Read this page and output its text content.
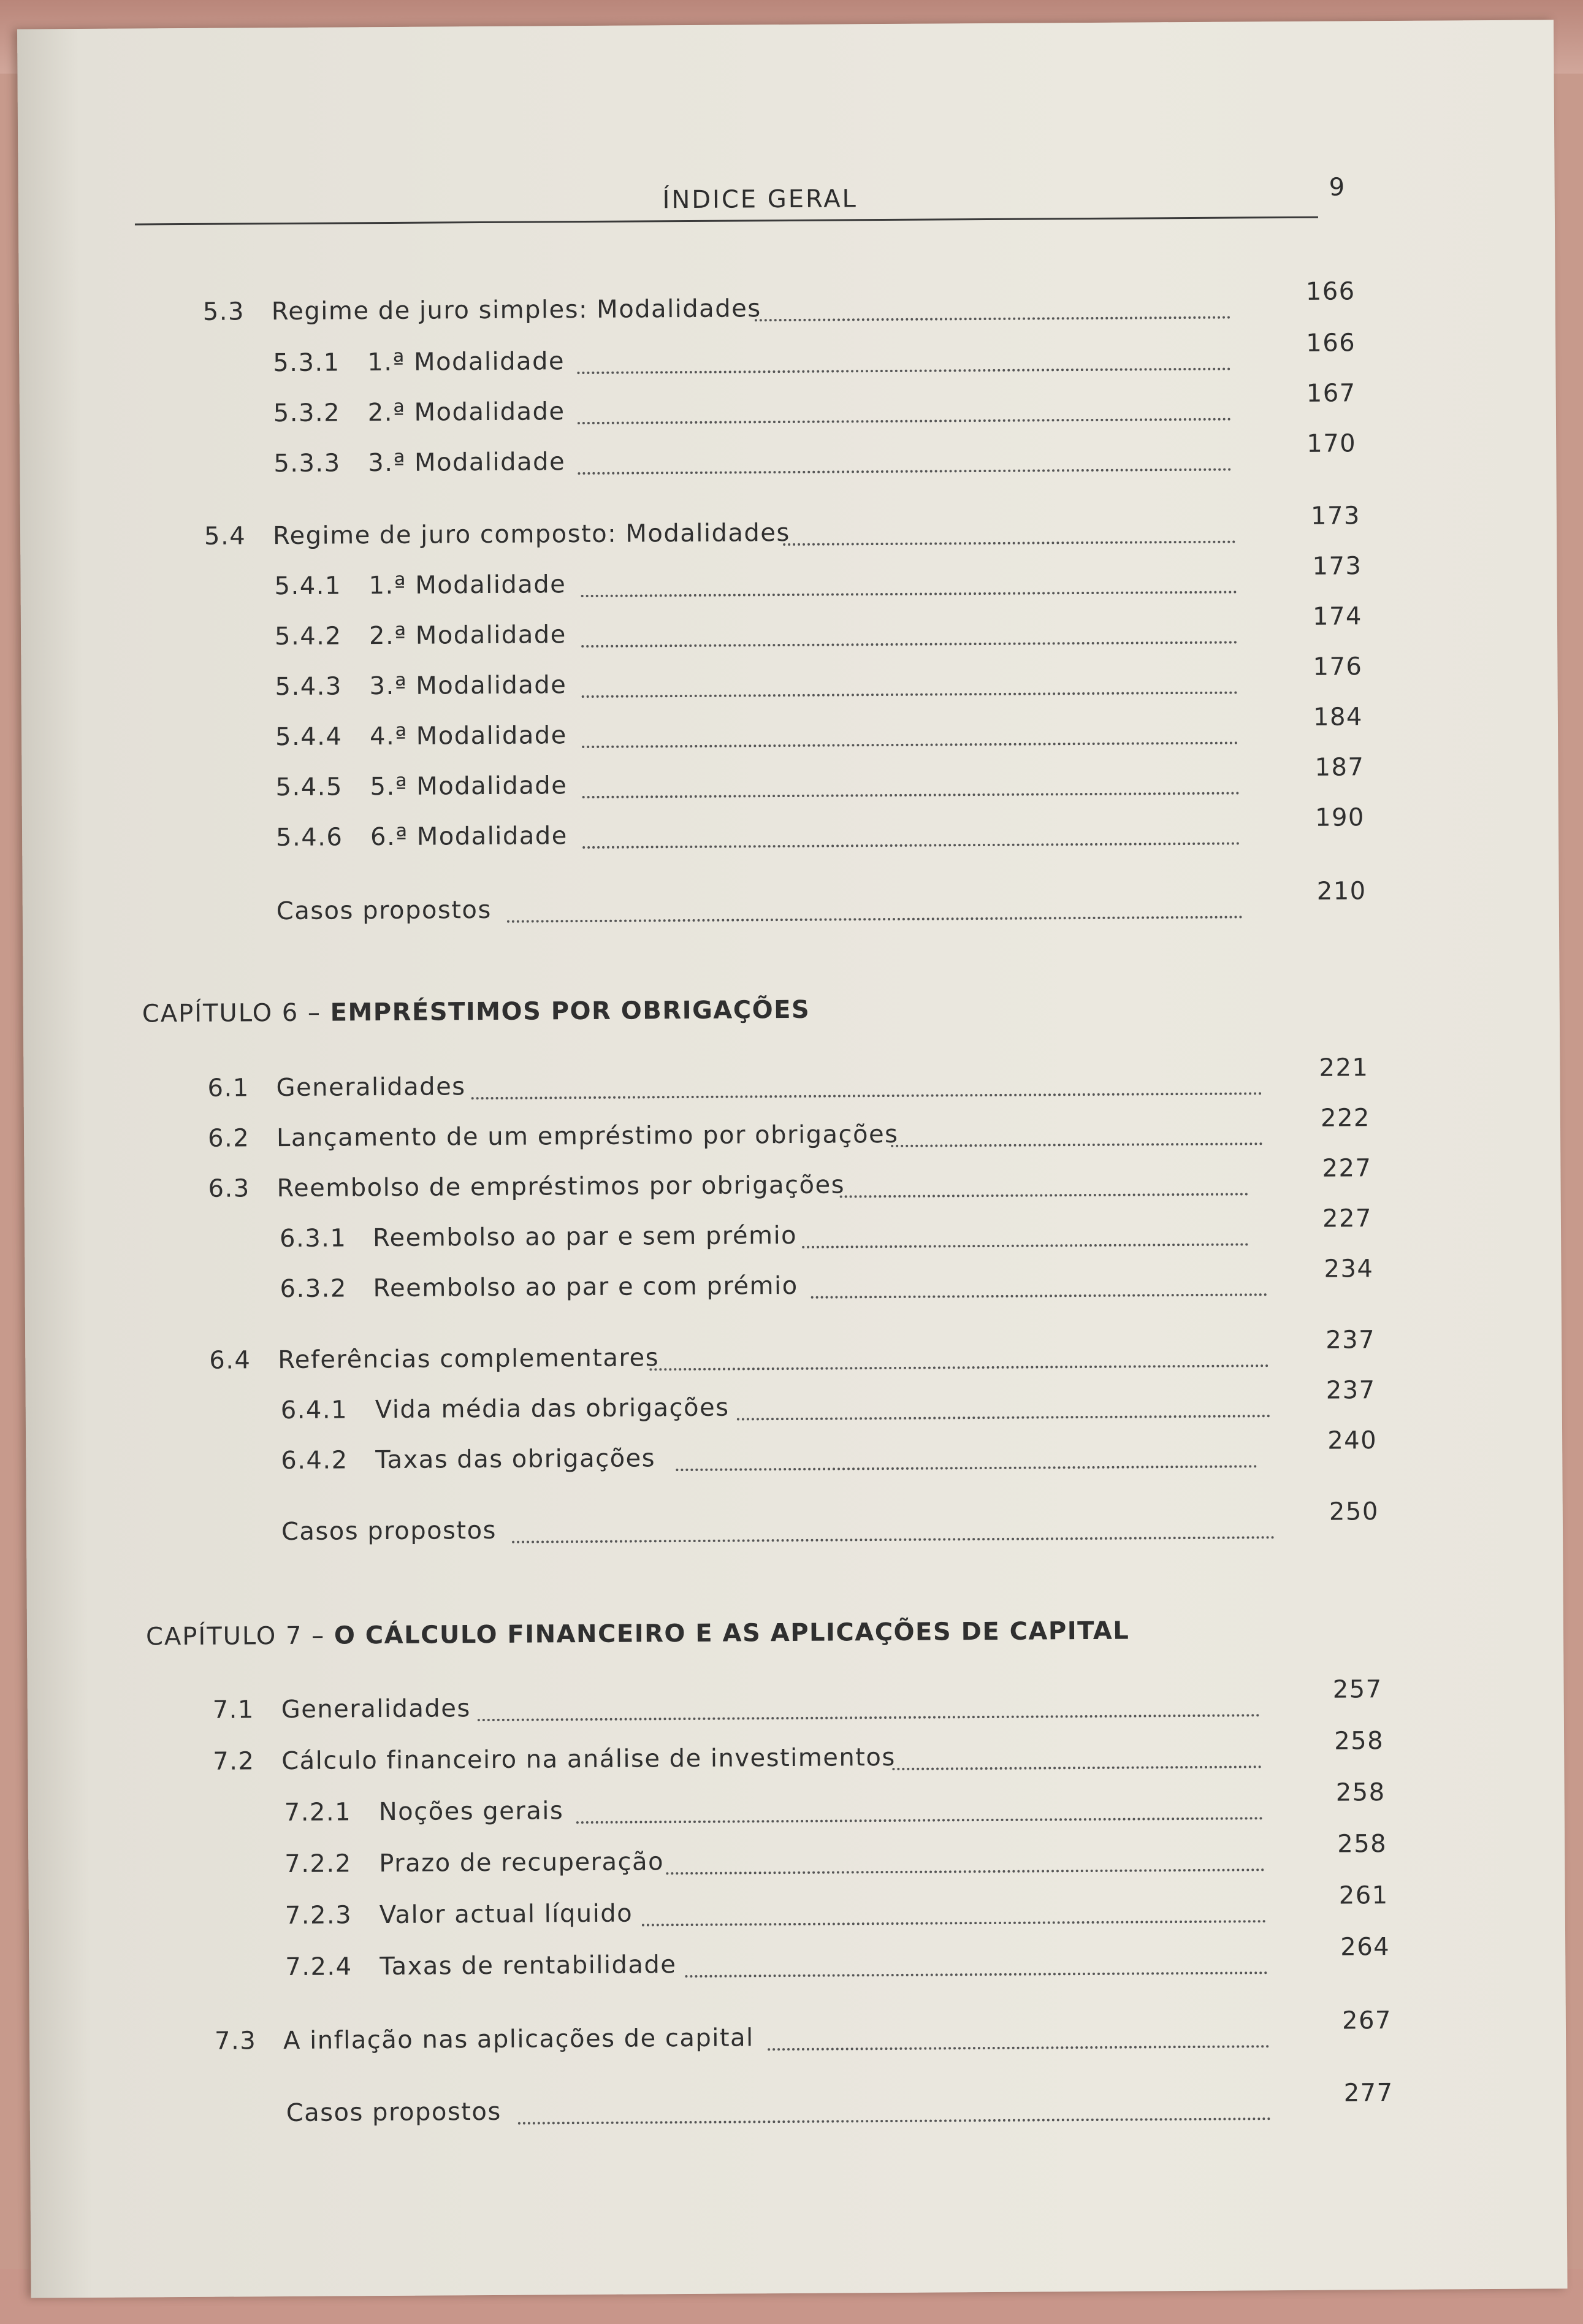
ÍNDICE GERAL	9
5.3 Regime de juro simples: Modalidades
166
5.3.1 1.ª Modalidade
166
5.3.2 2.ª Modalidade
167
5.3.3 3.ª Modalidade
170
5.4 Regime de juro composto: Modalidades
173
5.4.1 1.ª Modalidade
173
5.4.2 2.ª Modalidade
174
5.4.3 3.ª Modalidade
176
5.4.4 4.ª Modalidade
184
5.4.5 5.ª Modalidade
187
5.4.6 6.ª Modalidade
190
Casos propostos
210
CAPÍTULO 6 – EMPRÉSTIMOS POR OBRIGAÇÕES
6.1 Generalidades
221
6.2 Lançamento de um empréstimo por obrigações
222
6.3 Reembolso de empréstimos por obrigações
227
6.3.1 Reembolso ao par e sem prémio
227
6.3.2 Reembolso ao par e com prémio
234
6.4 Referências complementares
237
6.4.1 Vida média das obrigações
237
6.4.2 Taxas das obrigações
240
Casos propostos
250
CAPÍTULO 7 – O CÁLCULO FINANCEIRO E AS APLICAÇÕES DE CAPITAL
7.1 Generalidades
257
7.2 Cálculo financeiro na análise de investimentos
258
7.2.1 Noções gerais
258
7.2.2 Prazo de recuperação
258
7.2.3 Valor actual líquido
261
7.2.4 Taxas de rentabilidade
264
7.3 A inflação nas aplicações de capital
267
Casos propostos
277
